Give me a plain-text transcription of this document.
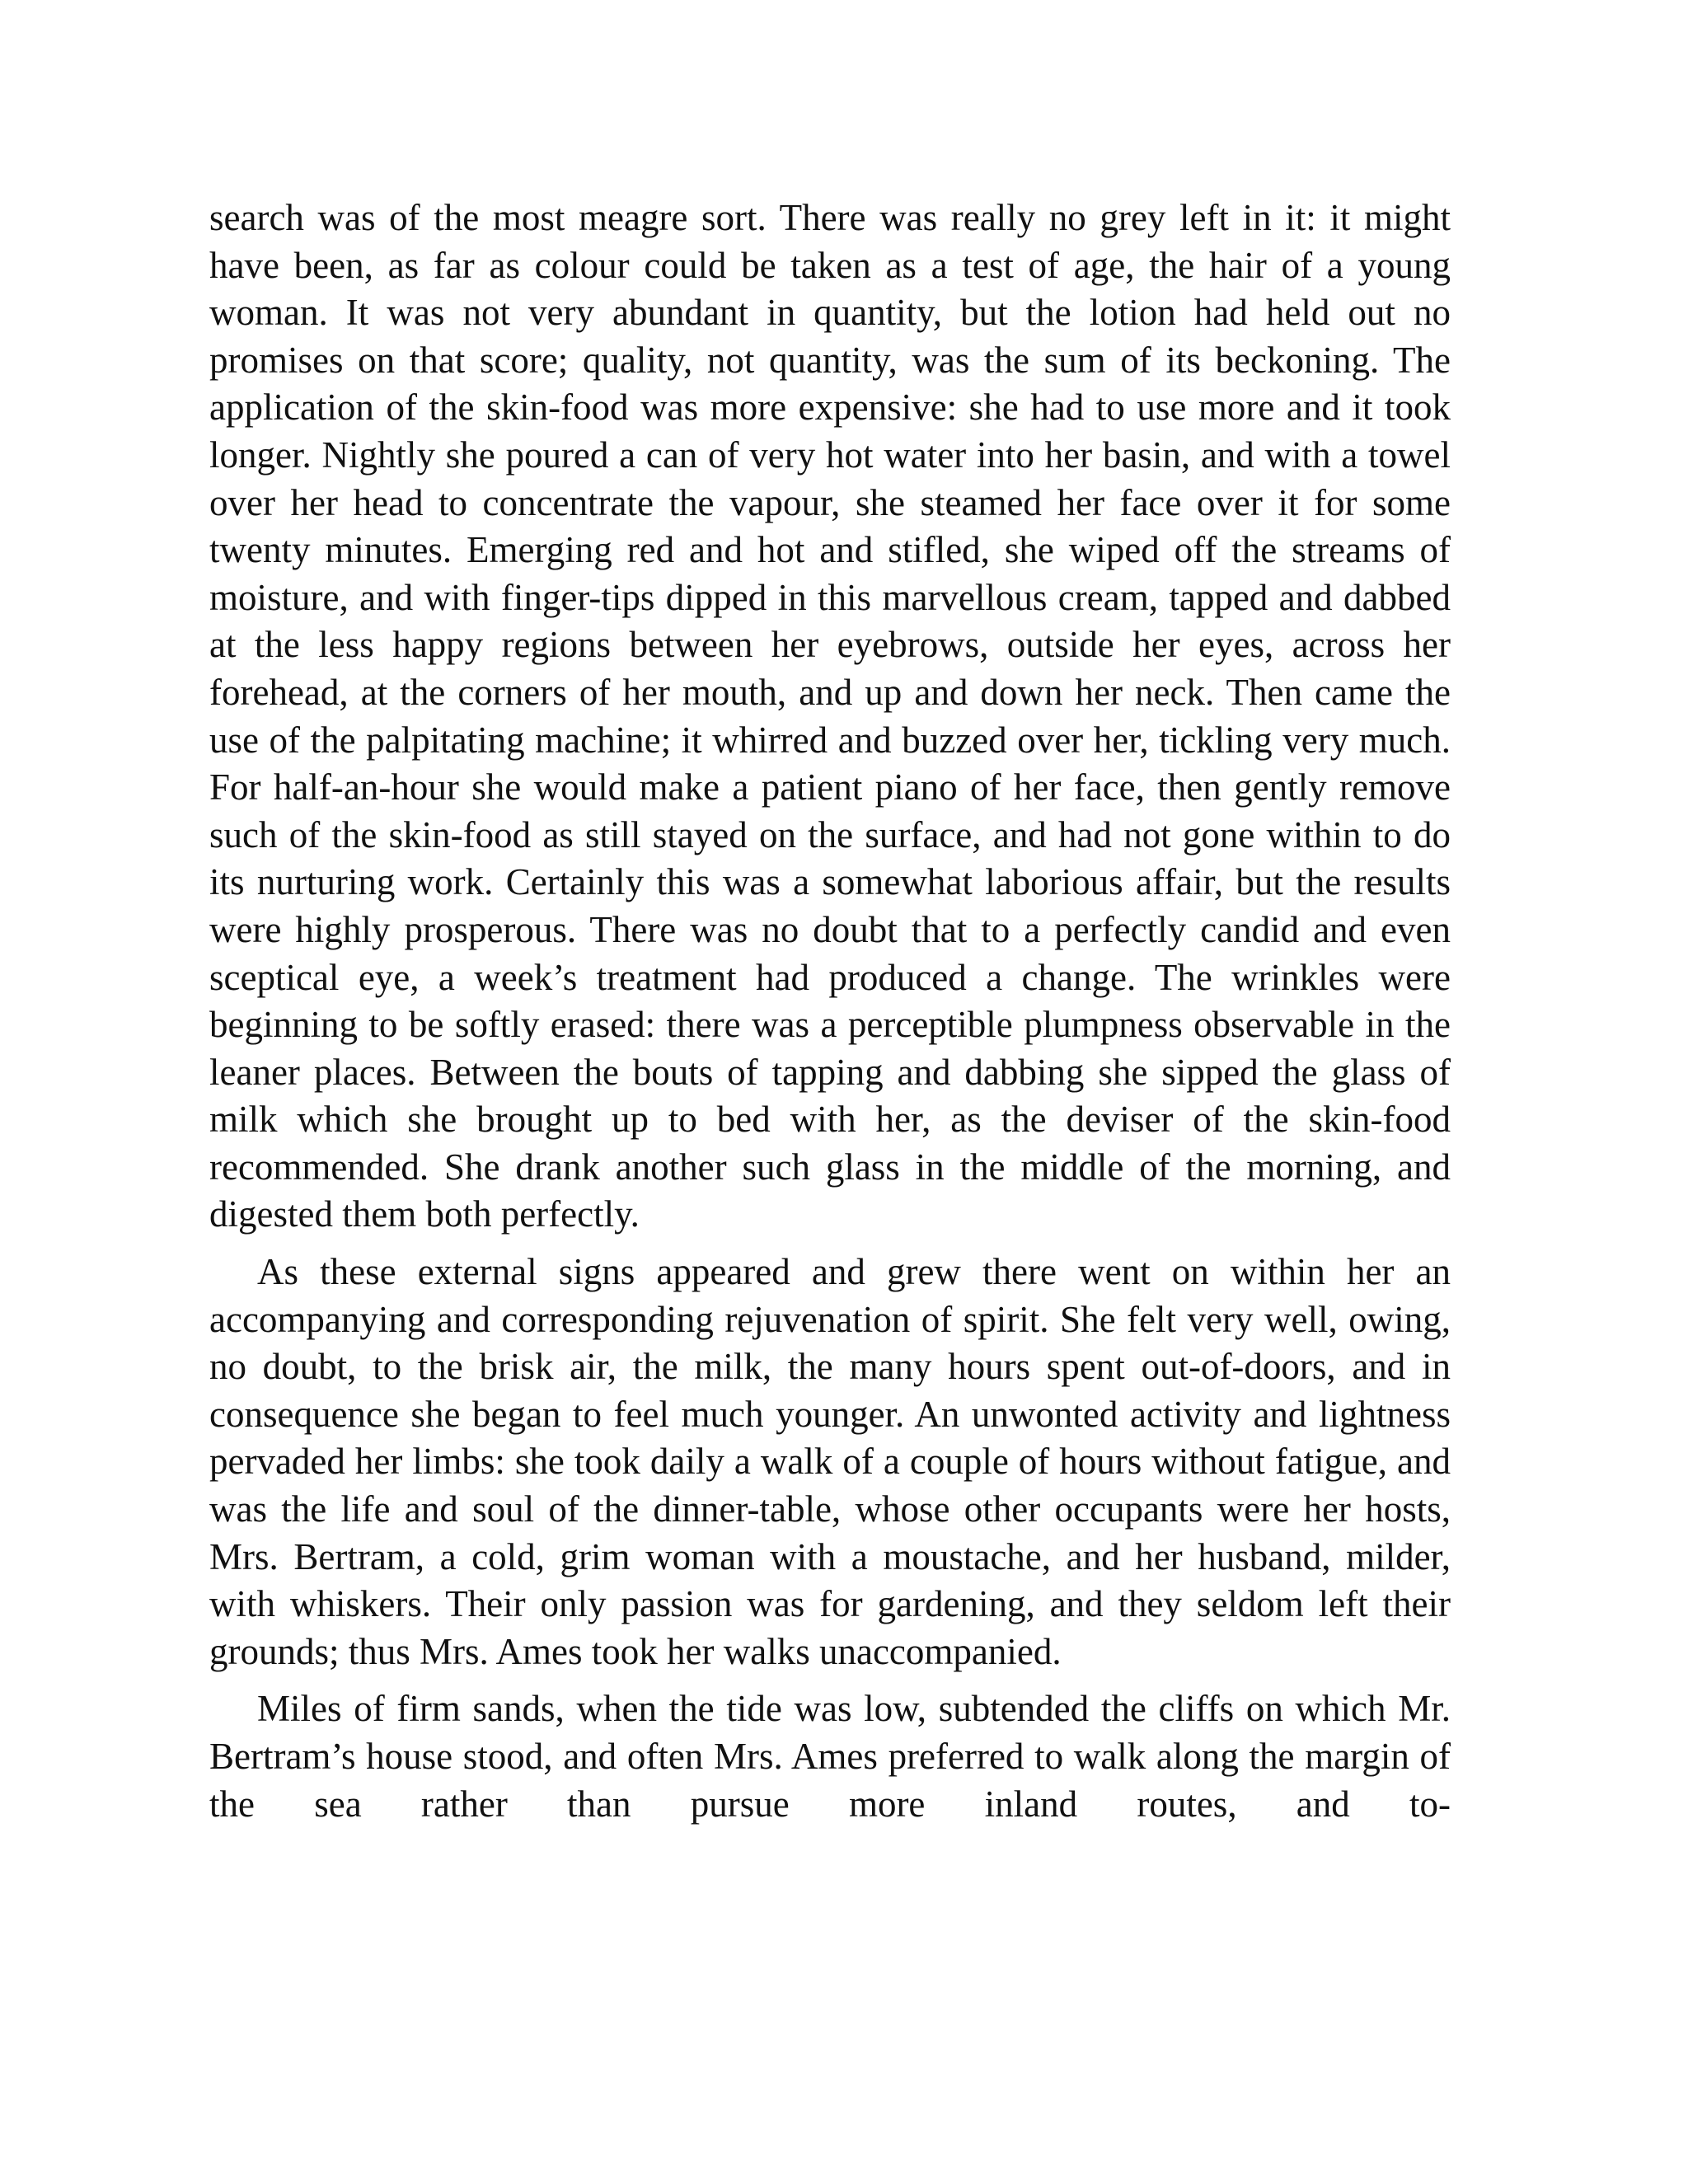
search was of the most meagre sort. There was really no grey left in it: it might have been, as far as colour could be taken as a test of age, the hair of a young woman. It was not very abundant in quantity, but the lotion had held out no promises on that score; quality, not quantity, was the sum of its beckoning. The application of the skin-food was more expensive: she had to use more and it took longer. Nightly she poured a can of very hot water into her basin, and with a towel over her head to concentrate the vapour, she steamed her face over it for some twenty minutes. Emerging red and hot and stifled, she wiped off the streams of moisture, and with finger-tips dipped in this marvellous cream, tapped and dabbed at the less happy regions between her eyebrows, outside her eyes, across her forehead, at the corners of her mouth, and up and down her neck. Then came the use of the palpitating machine; it whirred and buzzed over her, tickling very much. For half-an-hour she would make a patient piano of her face, then gently remove such of the skin-food as still stayed on the surface, and had not gone within to do its nurturing work. Certainly this was a somewhat laborious affair, but the results were highly prosperous. There was no doubt that to a perfectly candid and even sceptical eye, a week’s treatment had produced a change. The wrinkles were beginning to be softly erased: there was a perceptible plumpness observable in the leaner places. Between the bouts of tapping and dabbing she sipped the glass of milk which she brought up to bed with her, as the deviser of the skin-food recommended. She drank another such glass in the middle of the morning, and digested them both perfectly.

As these external signs appeared and grew there went on within her an accompanying and corresponding rejuvenation of spirit. She felt very well, owing, no doubt, to the brisk air, the milk, the many hours spent out-of-doors, and in consequence she began to feel much younger. An unwonted activity and lightness pervaded her limbs: she took daily a walk of a couple of hours without fatigue, and was the life and soul of the dinner-table, whose other occupants were her hosts, Mrs. Bertram, a cold, grim woman with a moustache, and her husband, milder, with whiskers. Their only passion was for gardening, and they seldom left their grounds; thus Mrs. Ames took her walks unaccompanied.

Miles of firm sands, when the tide was low, subtended the cliffs on which Mr. Bertram’s house stood, and often Mrs. Ames preferred to walk along the margin of the sea rather than pursue more inland routes, and to-
